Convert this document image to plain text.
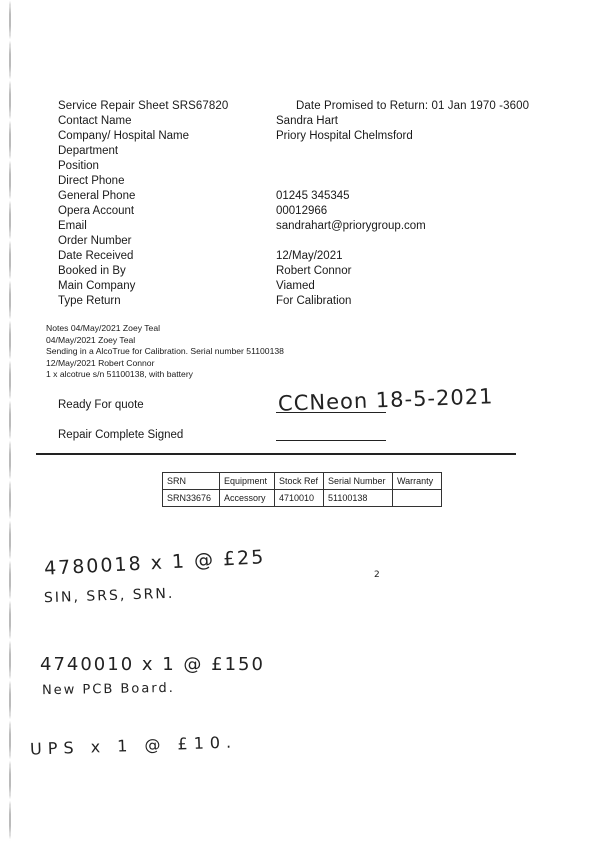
Service Repair Sheet SRS67820	Date Promised to Return: 01 Jan 1970 -3600
Contact Name	Sandra Hart
Company/ Hospital Name	Priory Hospital Chelmsford
Department
Position
Direct Phone
General Phone	01245 345345
Opera Account	00012966
Email	sandrahart@priorygroup.com
Order Number
Date Received	12/May/2021
Booked in By	Robert Connor
Main Company	Viamed
Type Return	For Calibration
Notes 04/May/2021 Zoey Teal
04/May/2021 Zoey Teal
Sending in a AlcoTrue for Calibration. Serial number 51100138
12/May/2021 Robert Connor
1 x alcotrue s/n 51100138, with battery
Ready For quote	CCNeon 18-5-2021
Repair Complete Signed
SRN	Equipment	Stock Ref	Serial Number	Warranty
SRN33676	Accessory	4710010	51100138	
4780018 x 1 @ £25	2
SIN, SRS, SRN.
4740010 x 1 @ £150
New PCB Board.
UPS x 1 @ £10.
